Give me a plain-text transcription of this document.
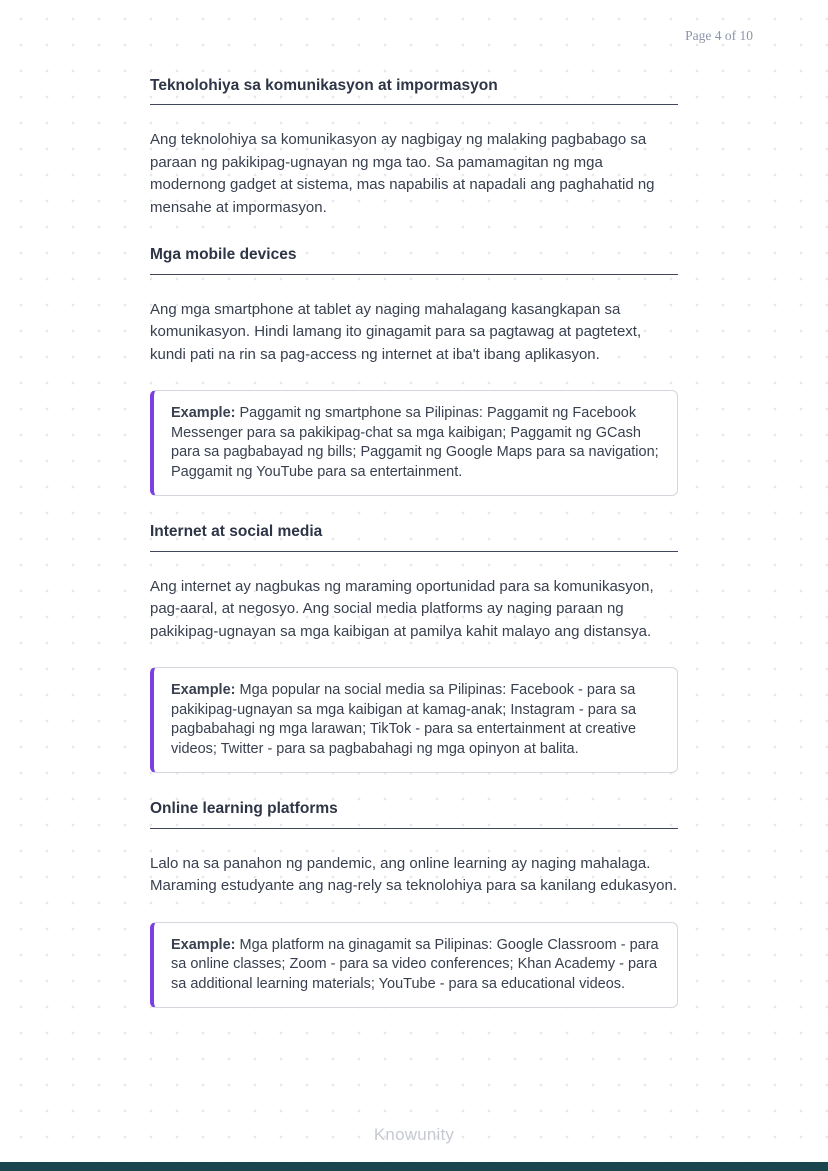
Page 4 of 10
Teknolohiya sa komunikasyon at impormasyon

Ang teknolohiya sa komunikasyon ay nagbigay ng malaking pagbabago sa paraan ng pakikipag-ugnayan ng mga tao. Sa pamamagitan ng mga modernong gadget at sistema, mas napabilis at napadali ang paghahatid ng mensahe at impormasyon.

Mga mobile devices

Ang mga smartphone at tablet ay naging mahalagang kasangkapan sa komunikasyon. Hindi lamang ito ginagamit para sa pagtawag at pagtetext, kundi pati na rin sa pag-access ng internet at iba't ibang aplikasyon.

Example: Paggamit ng smartphone sa Pilipinas: Paggamit ng Facebook Messenger para sa pakikipag-chat sa mga kaibigan; Paggamit ng GCash para sa pagbabayad ng bills; Paggamit ng Google Maps para sa navigation; Paggamit ng YouTube para sa entertainment.
Internet at social media

Ang internet ay nagbukas ng maraming oportunidad para sa komunikasyon, pag-aaral, at negosyo. Ang social media platforms ay naging paraan ng pakikipag-ugnayan sa mga kaibigan at pamilya kahit malayo ang distansya.

Example: Mga popular na social media sa Pilipinas: Facebook - para sa pakikipag-ugnayan sa mga kaibigan at kamag-anak; Instagram - para sa pagbabahagi ng mga larawan; TikTok - para sa entertainment at creative videos; Twitter - para sa pagbabahagi ng mga opinyon at balita.
Online learning platforms

Lalo na sa panahon ng pandemic, ang online learning ay naging mahalaga. Maraming estudyante ang nag-rely sa teknolohiya para sa kanilang edukasyon.

Example: Mga platform na ginagamit sa Pilipinas: Google Classroom - para sa online classes; Zoom - para sa video conferences; Khan Academy - para sa additional learning materials; YouTube - para sa educational videos.
Knowunity
